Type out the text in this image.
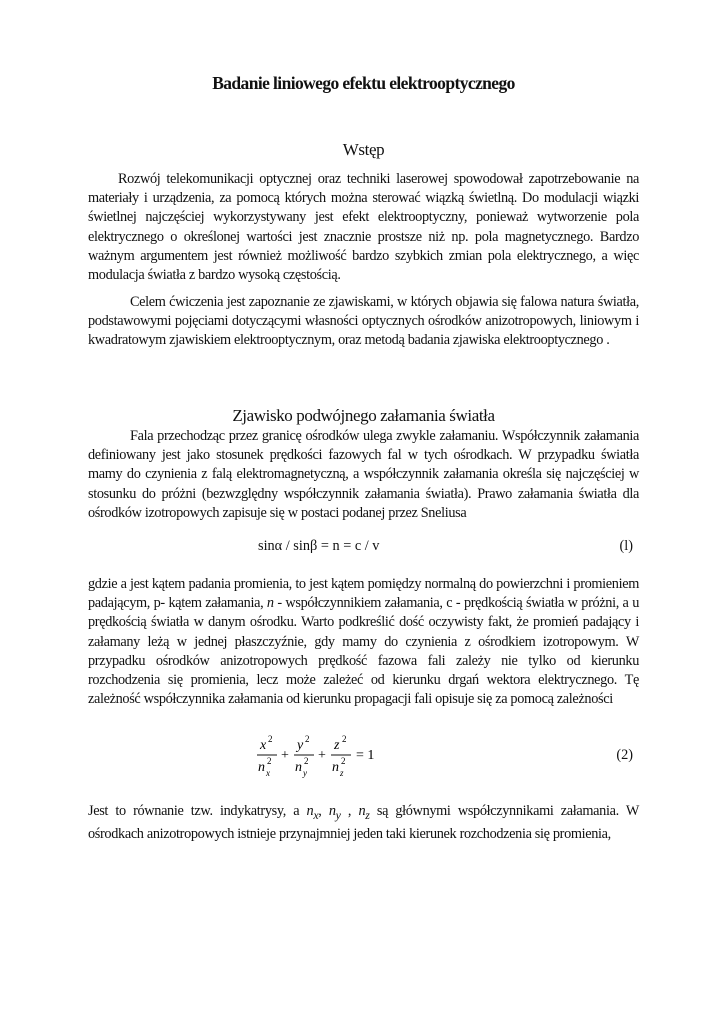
Badanie liniowego efektu elektrooptycznego
Wstęp

Rozwój telekomunikacji optycznej oraz techniki laserowej spowodował zapotrzebowanie na materiały i urządzenia, za pomocą których można sterować wiązką świetlną. Do modulacji wiązki świetlnej najczęściej wykorzystywany jest efekt elektrooptyczny, ponieważ wytworzenie pola elektrycznego o określonej wartości jest znacznie prostsze niż np. pola magnetycznego. Bardzo ważnym argumentem jest również możliwość bardzo szybkich zmian pola elektrycznego, a więc modulacja światła z bardzo wysoką częstością.

Celem ćwiczenia jest zapoznanie ze zjawiskami, w których objawia się falowa natura światła, podstawowymi pojęciami dotyczącymi własności optycznych ośrodków anizotropowych, liniowym i kwadratowym zjawiskiem elektrooptycznym, oraz metodą badania zjawiska elektrooptycznego .

Zjawisko podwójnego załamania światła

Fala przechodząc przez granicę ośrodków ulega zwykle załamaniu. Współczynnik załamania definiowany jest jako stosunek prędkości fazowych fal w tych ośrodkach. W przypadku światła mamy do czynienia z falą elektromagnetyczną, a współczynnik załamania określa się najczęściej w stosunku do próżni (bezwzględny współczynnik załamania światła). Prawo załamania światła dla ośrodków izotropowych zapisuje się w postaci podanej przez Sneliusa

sinα / sinβ = n = c / v	(l)

gdzie a jest kątem padania promienia, to jest kątem pomiędzy normalną do powierzchni i promieniem padającym, p- kątem załamania, n - współczynnikiem załamania, c - prędkością światła w próżni, a u prędkością światła w danym ośrodku. Warto podkreślić dość oczywisty fakt, że promień padający i załamany leżą w jednej płaszczyźnie, gdy mamy do czynienia z ośrodkiem izotropowym. W przypadku ośrodków anizotropowych prędkość fazowa fali zależy nie tylko od kierunku rozchodzenia się promienia, lecz może zależeć od kierunku drgań wektora elektrycznego. Tę zależność współczynnika załamania od kierunku propagacji fali opisuje się za pomocą zależności

x 2
n 2
x
+
y 2
n 2
y
+
z 2
n 2
z
= 1	(2)

Jest to równanie tzw. indykatrysy, a $n_x$, $n_y$ , $n_z$ są głównymi współczynnikami załamania. W ośrodkach anizotropowych istnieje przynajmniej jeden taki kierunek rozchodzenia się promienia,
